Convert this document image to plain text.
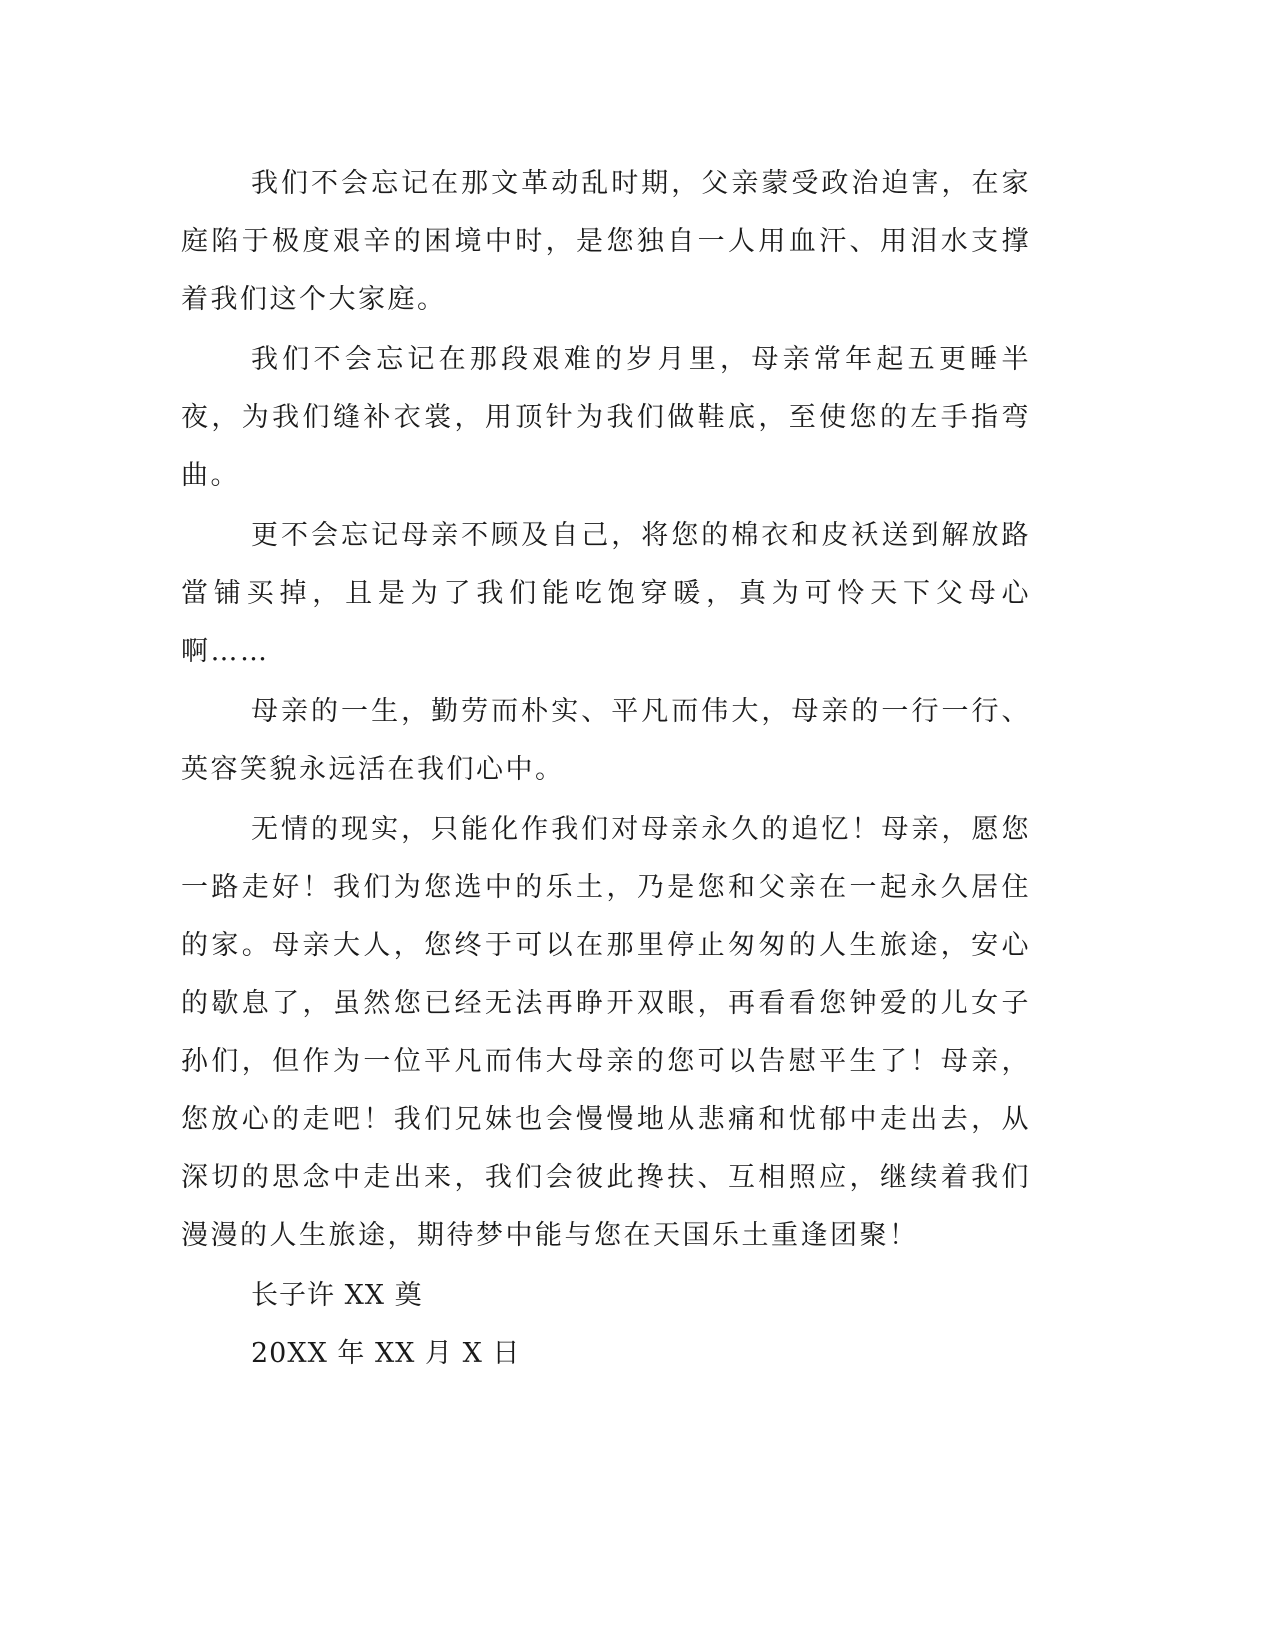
我们不会忘记在那文革动乱时期，父亲蒙受政治迫害，在家庭陷于极度艰辛的困境中时，是您独自一人用血汗、用泪水支撑着我们这个大家庭。

我们不会忘记在那段艰难的岁月里，母亲常年起五更睡半夜，为我们缝补衣裳，用顶针为我们做鞋底，至使您的左手指弯曲。

更不会忘记母亲不顾及自己，将您的棉衣和皮袄送到解放路當铺买掉，且是为了我们能吃饱穿暖，真为可怜天下父母心啊……

母亲的一生，勤劳而朴实、平凡而伟大，母亲的一行一行、英容笑貌永远活在我们心中。

无情的现实，只能化作我们对母亲永久的追忆！母亲，愿您一路走好！我们为您选中的乐土，乃是您和父亲在一起永久居住的家。母亲大人，您终于可以在那里停止匆匆的人生旅途，安心的歇息了，虽然您已经无法再睁开双眼，再看看您钟爱的儿女子孙们，但作为一位平凡而伟大母亲的您可以告慰平生了！母亲，您放心的走吧！我们兄妹也会慢慢地从悲痛和忧郁中走出去，从深切的思念中走出来，我们会彼此搀扶、互相照应，继续着我们漫漫的人生旅途，期待梦中能与您在天国乐土重逢团聚！

长子许 XX 奠

20XX 年 XX 月 X 日
